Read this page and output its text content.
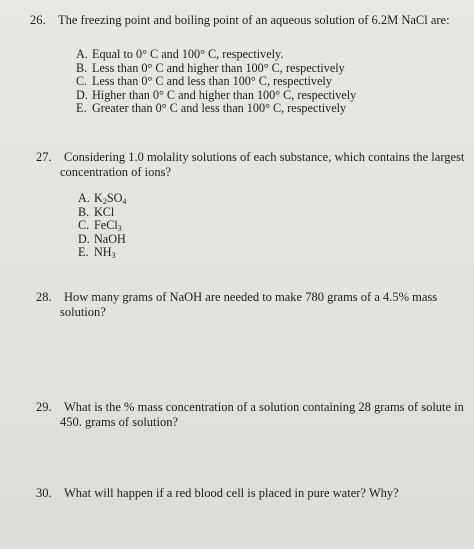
26. The freezing point and boiling point of an aqueous solution of 6.2M NaCl are:
A. Equal to 0° C and 100° C, respectively.
B. Less than 0° C and higher than 100° C, respectively
C. Less than 0° C and less than 100° C, respectively
D. Higher than 0° C and higher than 100° C, respectively
E. Greater than 0° C and less than 100° C, respectively
27. Considering 1.0 molality solutions of each substance, which contains the largest
concentration of ions?
A. $K_2SO_4$
B. KCl
C. FeCl$_3$
D. NaOH
E. $NH_3$
28. How many grams of NaOH are needed to make 780 grams of a 4.5% mass
solution?
29. What is the % mass concentration of a solution containing 28 grams of solute in
450. grams of solution?
30. What will happen if a red blood cell is placed in pure water? Why?
